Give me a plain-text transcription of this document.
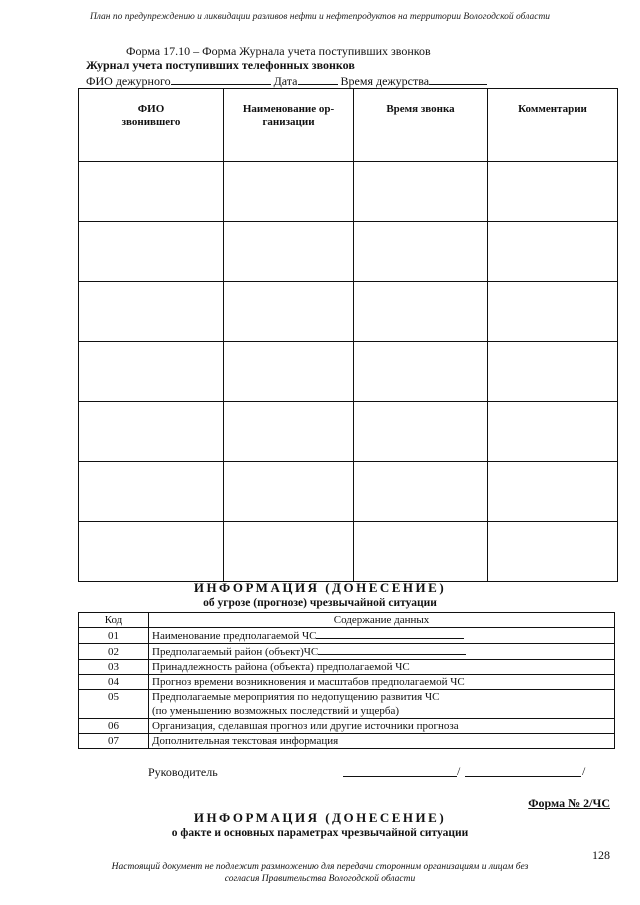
План по предупреждению и ликвидации разливов нефти и нефтепродуктов на территории Вологодской области
Форма 17.10 – Форма Журнала учета поступивших звонков
Журнал учета поступивших телефонных звонков
ФИО дежурного	Дата	Время дежурства
ФИО звонившего	Наименование ор-ганизации	Время звонка	Комментарии

ИНФОРМАЦИЯ (ДОНЕСЕНИЕ)
об угрозе (прогнозе) чрезвычайной ситуации
Код	Содержание данных
01	Наименование предполагаемой ЧС
02	Предполагаемый район (объект)ЧС
03	Принадлежность района (объекта) предполагаемой ЧС
04	Прогноз времени возникновения и масштабов предполагаемой ЧС
05	Предполагаемые мероприятия по недопущению развития ЧС
(по уменьшению возможных последствий и ущерба)

06	Организация, сделавшая прогноз или другие источники прогноза
07	Дополнительная текстовая информация
Руководитель	/	/
Форма № 2/ЧС
ИНФОРМАЦИЯ (ДОНЕСЕНИЕ)
о факте и основных параметрах чрезвычайной ситуации
128
Настоящий документ не подлежит размножению для передачи сторонним организациям и лицам без согласия Правительства Вологодской области
